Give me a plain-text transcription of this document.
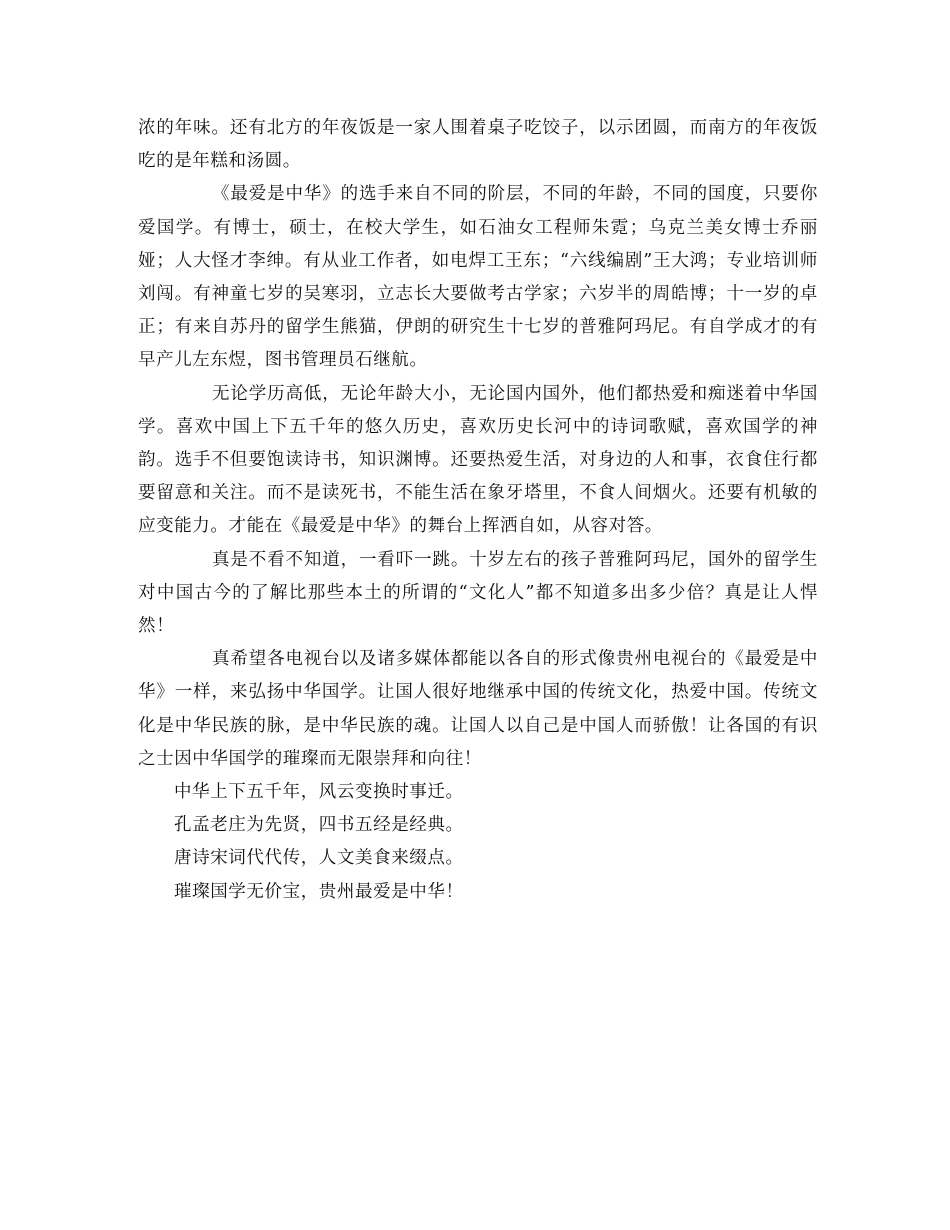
浓的年味。还有北方的年夜饭是一家人围着桌子吃饺子，以示团圆，而南方的年夜饭吃的是年糕和汤圆。

《最爱是中华》的选手来自不同的阶层，不同的年龄，不同的国度，只要你爱国学。有博士，硕士，在校大学生，如石油女工程师朱霓；乌克兰美女博士乔丽娅；人大怪才李绅。有从业工作者，如电焊工王东；“六线编剧”王大鸿；专业培训师刘闯。有神童七岁的吴寒羽，立志长大要做考古学家；六岁半的周皓博；十一岁的卓正；有来自苏丹的留学生熊猫，伊朗的研究生十七岁的普雅阿玛尼。有自学成才的有早产儿左东煜，图书管理员石继航。

无论学历高低，无论年龄大小，无论国内国外，他们都热爱和痴迷着中华国学。喜欢中国上下五千年的悠久历史，喜欢历史长河中的诗词歌赋，喜欢国学的神韵。选手不但要饱读诗书，知识渊博。还要热爱生活，对身边的人和事，衣食住行都要留意和关注。而不是读死书，不能生活在象牙塔里，不食人间烟火。还要有机敏的应变能力。才能在《最爱是中华》的舞台上挥洒自如，从容对答。

真是不看不知道，一看吓一跳。十岁左右的孩子普雅阿玛尼，国外的留学生对中国古今的了解比那些本土的所谓的“文化人”都不知道多出多少倍？真是让人悍然！

真希望各电视台以及诸多媒体都能以各自的形式像贵州电视台的《最爱是中华》一样，来弘扬中华国学。让国人很好地继承中国的传统文化，热爱中国。传统文化是中华民族的脉，是中华民族的魂。让国人以自己是中国人而骄傲！让各国的有识之士因中华国学的璀璨而无限崇拜和向往！

中华上下五千年，风云变换时事迁。

孔孟老庄为先贤，四书五经是经典。

唐诗宋词代代传，人文美食来缀点。

璀璨国学无价宝，贵州最爱是中华！
